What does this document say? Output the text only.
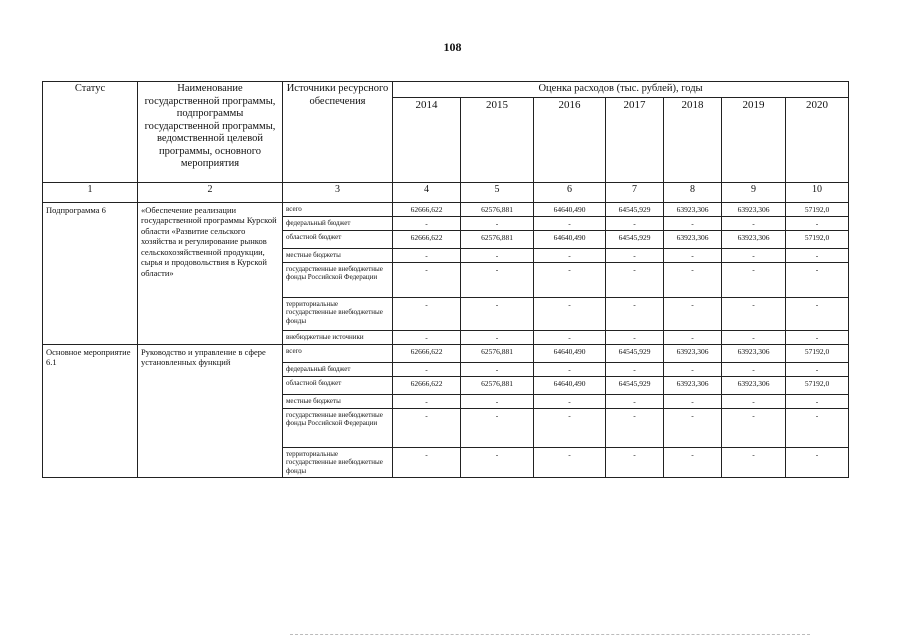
108
Статус	Наименование государственной программы, подпрограммы государственной программы, ведомственной целевой программы, основного мероприятия	Источники ресурсного обеспечения	Оценка расходов (тыс. рублей), годы						
			2014	2015	2016	2017	2018	2019	2020
1	2	3	4	5	6	7	8	9	10
Подпрограмма 6	«Обеспечение реализации государственной программы Курской области «Развитие сельского хозяйства и регулирование рынков сельскохозяйственной продукции, сырья и продовольствия в Курской области»	всего	62666,622	62576,881	64640,490	64545,929	63923,306	63923,306	57192,0
		федеральный бюджет	-	-	-	-	-	-	-
		областной бюджет	62666,622	62576,881	64640,490	64545,929	63923,306	63923,306	57192,0
		местные бюджеты	-	-	-	-	-	-	-
		государственные внебюджетные фонды Российской Федерации	-	-	-	-	-	-	-
		территориальные государственные внебюджетные фонды	-	-	-	-	-	-	-
		внебюджетные источники	-	-	-	-	-	-	-
Основное мероприятие 6.1	Руководство и управление в сфере установленных функций	всего	62666,622	62576,881	64640,490	64545,929	63923,306	63923,306	57192,0
		федеральный бюджет	-	-	-	-	-	-	-
		областной бюджет	62666,622	62576,881	64640,490	64545,929	63923,306	63923,306	57192,0
		местные бюджеты	-	-	-	-	-	-	-
		государственные внебюджетные фонды Российской Федерации	-	-	-	-	-	-	-
		территориальные государственные внебюджетные фонды	-	-	-	-	-	-	-
